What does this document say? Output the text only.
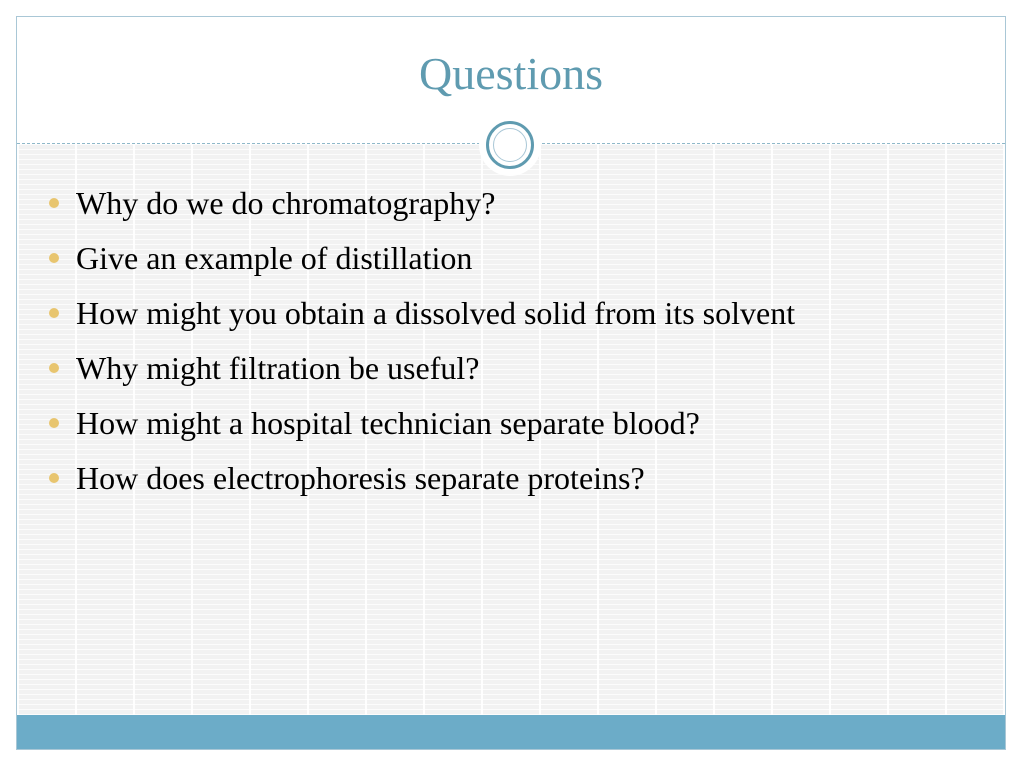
Questions
Why do we do chromatography?
Give an example of distillation
How might you obtain a dissolved solid from its solvent
Why might filtration be useful?
How might a hospital technician separate blood?
How does electrophoresis separate proteins?
